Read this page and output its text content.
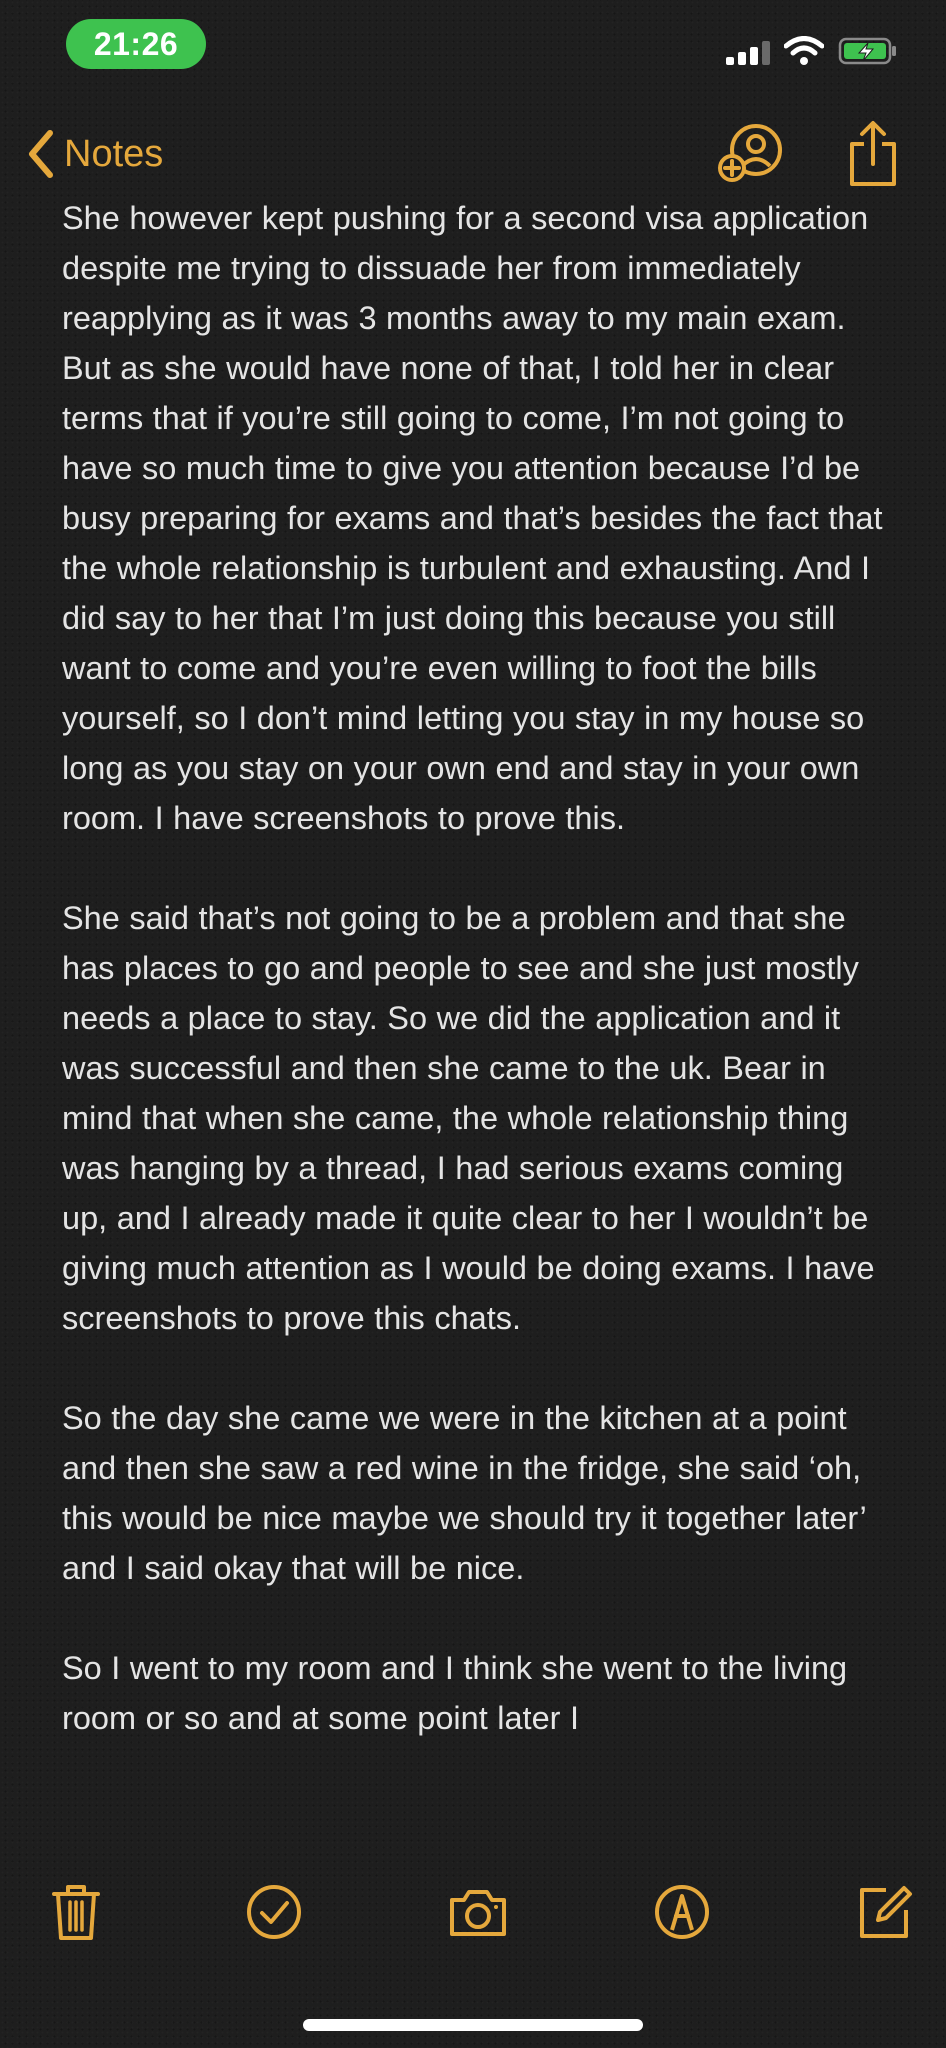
21:26
Notes

She however kept pushing for a second visa application despite me trying to dissuade her from immediately reapplying as it was 3 months away to my main exam. But as she would have none of that, I told her in clear terms that if you’re still going to come, I’m not going to have so much time to give you attention because I’d be busy preparing for exams and that’s besides the fact that the whole relationship is turbulent and exhausting. And I did say to her that I’m just doing this because you still want to come and you’re even willing to foot the bills yourself, so I don’t mind letting you stay in my house so long as you stay on your own end and stay in your own room. I have screenshots to prove this.

She said that’s not going to be a problem and that she has places to go and people to see and she just mostly needs a place to stay. So we did the application and it was successful and then she came to the uk. Bear in mind that when she came, the whole relationship thing was hanging by a thread, I had serious exams coming up, and I already made it quite clear to her I wouldn’t be giving much attention as I would be doing exams. I have screenshots to prove this chats.

So the day she came we were in the kitchen at a point and then she saw a red wine in the fridge, she said ‘oh, this would be nice maybe we should try it together later’ and I said okay that will be nice.

So I went to my room and I think she went to the living room or so and at some point later I
